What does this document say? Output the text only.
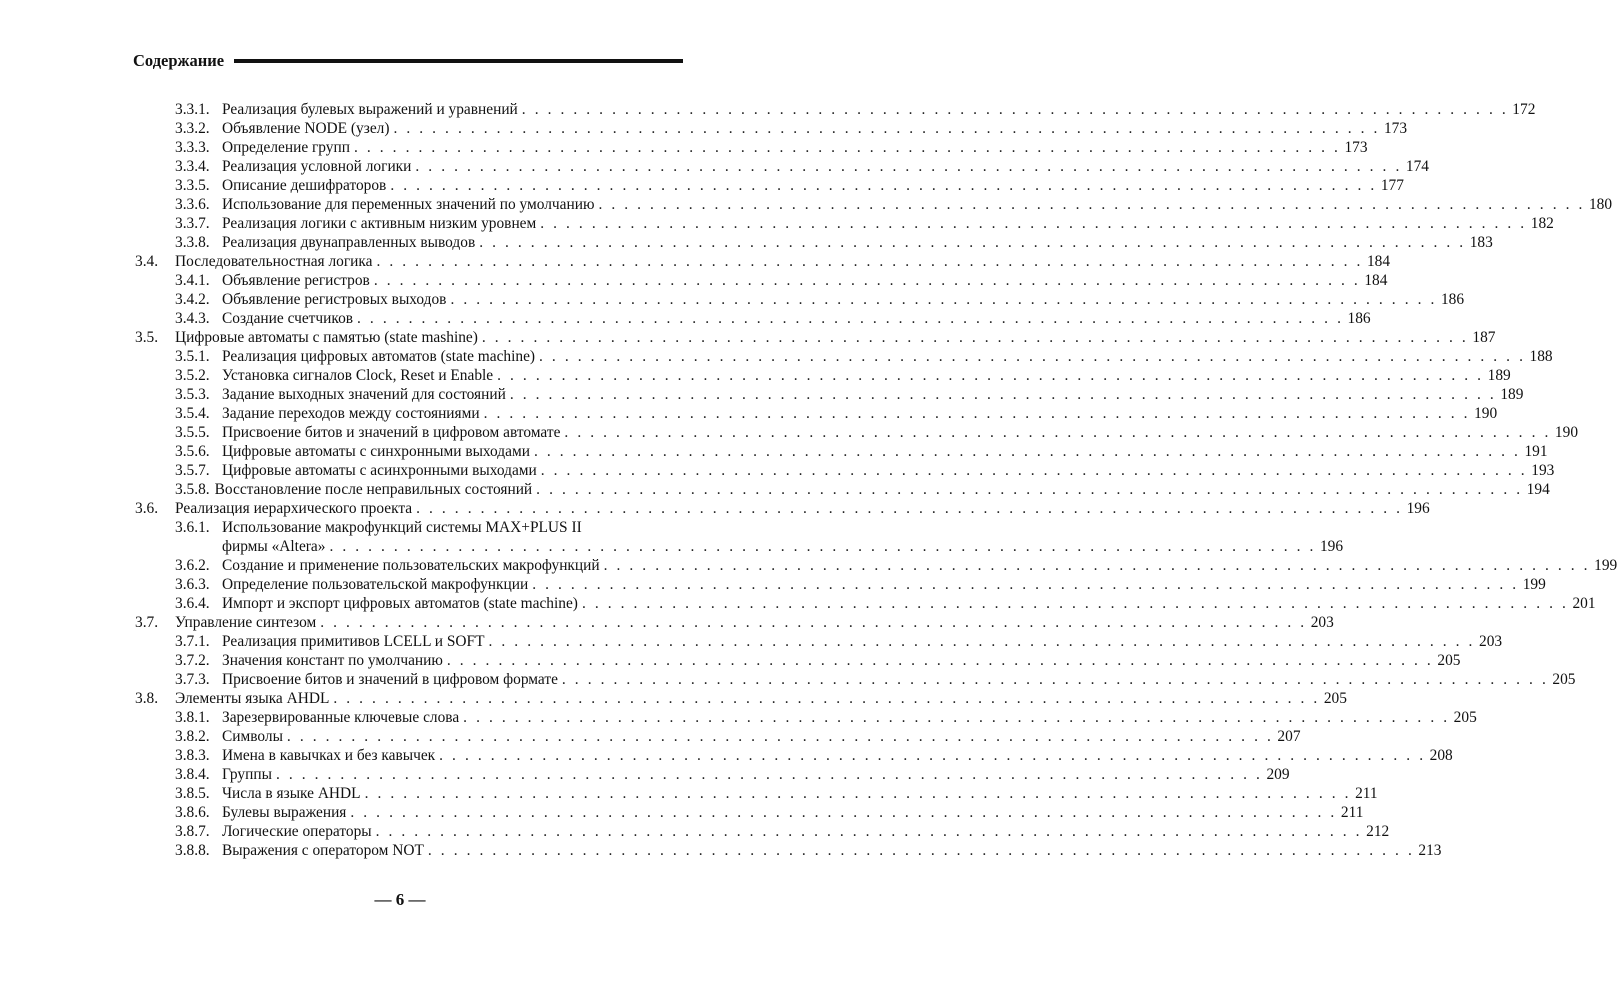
Содержание
3.3.1. Реализация булевых выражений и уравнений . . . . . . . . . . . . . . . . . . . . . . . . . . . . . . . . . . . . . . . . . . . . . . . . . . . . . . . . . . . . . . . . . . . . . . . . . . . . . 172
3.3.2. Объявление NODE (узел) . . . . . . . . . . . . . . . . . . . . . . . . . . . . . . . . . . . . . . . . . . . . . . . . . . . . . . . . . . . . . . . . . . . . . . . . . . . . . 173
3.3.3. Определение групп . . . . . . . . . . . . . . . . . . . . . . . . . . . . . . . . . . . . . . . . . . . . . . . . . . . . . . . . . . . . . . . . . . . . . . . . . . . . . 173
3.3.4. Реализация условной логики . . . . . . . . . . . . . . . . . . . . . . . . . . . . . . . . . . . . . . . . . . . . . . . . . . . . . . . . . . . . . . . . . . . . . . . . . . . . . 174
3.3.5. Описание дешифраторов . . . . . . . . . . . . . . . . . . . . . . . . . . . . . . . . . . . . . . . . . . . . . . . . . . . . . . . . . . . . . . . . . . . . . . . . . . . . . 177
3.3.6. Использование для переменных значений по умолчанию . . . . . . . . . . . . . . . . . . . . . . . . . . . . . . . . . . . . . . . . . . . . . . . . . . . . . . . . . . . . . . . . . . . . . . . . . . . . . 180
3.3.7. Реализация логики с активным низким уровнем . . . . . . . . . . . . . . . . . . . . . . . . . . . . . . . . . . . . . . . . . . . . . . . . . . . . . . . . . . . . . . . . . . . . . . . . . . . . . 182
3.3.8. Реализация двунаправленных выводов . . . . . . . . . . . . . . . . . . . . . . . . . . . . . . . . . . . . . . . . . . . . . . . . . . . . . . . . . . . . . . . . . . . . . . . . . . . . . 183
3.4.	Последовательностная логика . . . . . . . . . . . . . . . . . . . . . . . . . . . . . . . . . . . . . . . . . . . . . . . . . . . . . . . . . . . . . . . . . . . . . . . . . . . . . 184
3.4.1. Объявление регистров . . . . . . . . . . . . . . . . . . . . . . . . . . . . . . . . . . . . . . . . . . . . . . . . . . . . . . . . . . . . . . . . . . . . . . . . . . . . . 184
3.4.2. Объявление регистровых выходов . . . . . . . . . . . . . . . . . . . . . . . . . . . . . . . . . . . . . . . . . . . . . . . . . . . . . . . . . . . . . . . . . . . . . . . . . . . . . 186
3.4.3. Создание счетчиков . . . . . . . . . . . . . . . . . . . . . . . . . . . . . . . . . . . . . . . . . . . . . . . . . . . . . . . . . . . . . . . . . . . . . . . . . . . . . 186
3.5.	Цифровые автоматы с памятью (state mashine) . . . . . . . . . . . . . . . . . . . . . . . . . . . . . . . . . . . . . . . . . . . . . . . . . . . . . . . . . . . . . . . . . . . . . . . . . . . . . 187
3.5.1. Реализация цифровых автоматов (state machine) . . . . . . . . . . . . . . . . . . . . . . . . . . . . . . . . . . . . . . . . . . . . . . . . . . . . . . . . . . . . . . . . . . . . . . . . . . . . . 188
3.5.2. Установка сигналов Clock, Reset и Enable . . . . . . . . . . . . . . . . . . . . . . . . . . . . . . . . . . . . . . . . . . . . . . . . . . . . . . . . . . . . . . . . . . . . . . . . . . . . . 189
3.5.3. Задание выходных значений для состояний . . . . . . . . . . . . . . . . . . . . . . . . . . . . . . . . . . . . . . . . . . . . . . . . . . . . . . . . . . . . . . . . . . . . . . . . . . . . . 189
3.5.4. Задание переходов между состояниями . . . . . . . . . . . . . . . . . . . . . . . . . . . . . . . . . . . . . . . . . . . . . . . . . . . . . . . . . . . . . . . . . . . . . . . . . . . . . 190
3.5.5. Присвоение битов и значений в цифровом автомате . . . . . . . . . . . . . . . . . . . . . . . . . . . . . . . . . . . . . . . . . . . . . . . . . . . . . . . . . . . . . . . . . . . . . . . . . . . . . 190
3.5.6. Цифровые автоматы с синхронными выходами . . . . . . . . . . . . . . . . . . . . . . . . . . . . . . . . . . . . . . . . . . . . . . . . . . . . . . . . . . . . . . . . . . . . . . . . . . . . . 191
3.5.7. Цифровые автоматы с асинхронными выходами . . . . . . . . . . . . . . . . . . . . . . . . . . . . . . . . . . . . . . . . . . . . . . . . . . . . . . . . . . . . . . . . . . . . . . . . . . . . . 193
3.5.8. Восстановление после неправильных состояний . . . . . . . . . . . . . . . . . . . . . . . . . . . . . . . . . . . . . . . . . . . . . . . . . . . . . . . . . . . . . . . . . . . . . . . . . . . . . 194
3.6.	Реализация иерархического проекта . . . . . . . . . . . . . . . . . . . . . . . . . . . . . . . . . . . . . . . . . . . . . . . . . . . . . . . . . . . . . . . . . . . . . . . . . . . . . 196
3.6.1. Использование макрофункций системы MAX+PLUS II
фирмы «Altera» . . . . . . . . . . . . . . . . . . . . . . . . . . . . . . . . . . . . . . . . . . . . . . . . . . . . . . . . . . . . . . . . . . . . . . . . . . . . . 196
3.6.2. Создание и применение пользовательских макрофункций . . . . . . . . . . . . . . . . . . . . . . . . . . . . . . . . . . . . . . . . . . . . . . . . . . . . . . . . . . . . . . . . . . . . . . . . . . . . . 199
3.6.3. Определение пользовательской макрофункции . . . . . . . . . . . . . . . . . . . . . . . . . . . . . . . . . . . . . . . . . . . . . . . . . . . . . . . . . . . . . . . . . . . . . . . . . . . . . 199
3.6.4. Импорт и экспорт цифровых автоматов (state machine) . . . . . . . . . . . . . . . . . . . . . . . . . . . . . . . . . . . . . . . . . . . . . . . . . . . . . . . . . . . . . . . . . . . . . . . . . . . . . 201
3.7.	Управление синтезом . . . . . . . . . . . . . . . . . . . . . . . . . . . . . . . . . . . . . . . . . . . . . . . . . . . . . . . . . . . . . . . . . . . . . . . . . . . . . 203
3.7.1. Реализация примитивов LCELL и SOFT . . . . . . . . . . . . . . . . . . . . . . . . . . . . . . . . . . . . . . . . . . . . . . . . . . . . . . . . . . . . . . . . . . . . . . . . . . . . . 203
3.7.2. Значения констант по умолчанию . . . . . . . . . . . . . . . . . . . . . . . . . . . . . . . . . . . . . . . . . . . . . . . . . . . . . . . . . . . . . . . . . . . . . . . . . . . . . 205
3.7.3. Присвоение битов и значений в цифровом формате . . . . . . . . . . . . . . . . . . . . . . . . . . . . . . . . . . . . . . . . . . . . . . . . . . . . . . . . . . . . . . . . . . . . . . . . . . . . . 205
3.8.	Элементы языка AHDL . . . . . . . . . . . . . . . . . . . . . . . . . . . . . . . . . . . . . . . . . . . . . . . . . . . . . . . . . . . . . . . . . . . . . . . . . . . . . 205
3.8.1. Зарезервированные ключевые слова . . . . . . . . . . . . . . . . . . . . . . . . . . . . . . . . . . . . . . . . . . . . . . . . . . . . . . . . . . . . . . . . . . . . . . . . . . . . . 205
3.8.2. Символы . . . . . . . . . . . . . . . . . . . . . . . . . . . . . . . . . . . . . . . . . . . . . . . . . . . . . . . . . . . . . . . . . . . . . . . . . . . . . 207
3.8.3. Имена в кавычках и без кавычек . . . . . . . . . . . . . . . . . . . . . . . . . . . . . . . . . . . . . . . . . . . . . . . . . . . . . . . . . . . . . . . . . . . . . . . . . . . . . 208
3.8.4. Группы . . . . . . . . . . . . . . . . . . . . . . . . . . . . . . . . . . . . . . . . . . . . . . . . . . . . . . . . . . . . . . . . . . . . . . . . . . . . . 209
3.8.5. Числа в языке AHDL . . . . . . . . . . . . . . . . . . . . . . . . . . . . . . . . . . . . . . . . . . . . . . . . . . . . . . . . . . . . . . . . . . . . . . . . . . . . . 211
3.8.6. Булевы выражения . . . . . . . . . . . . . . . . . . . . . . . . . . . . . . . . . . . . . . . . . . . . . . . . . . . . . . . . . . . . . . . . . . . . . . . . . . . . . 211
3.8.7. Логические операторы . . . . . . . . . . . . . . . . . . . . . . . . . . . . . . . . . . . . . . . . . . . . . . . . . . . . . . . . . . . . . . . . . . . . . . . . . . . . . 212
3.8.8. Выражения с оператором NOT . . . . . . . . . . . . . . . . . . . . . . . . . . . . . . . . . . . . . . . . . . . . . . . . . . . . . . . . . . . . . . . . . . . . . . . . . . . . . 213
— 6 —
